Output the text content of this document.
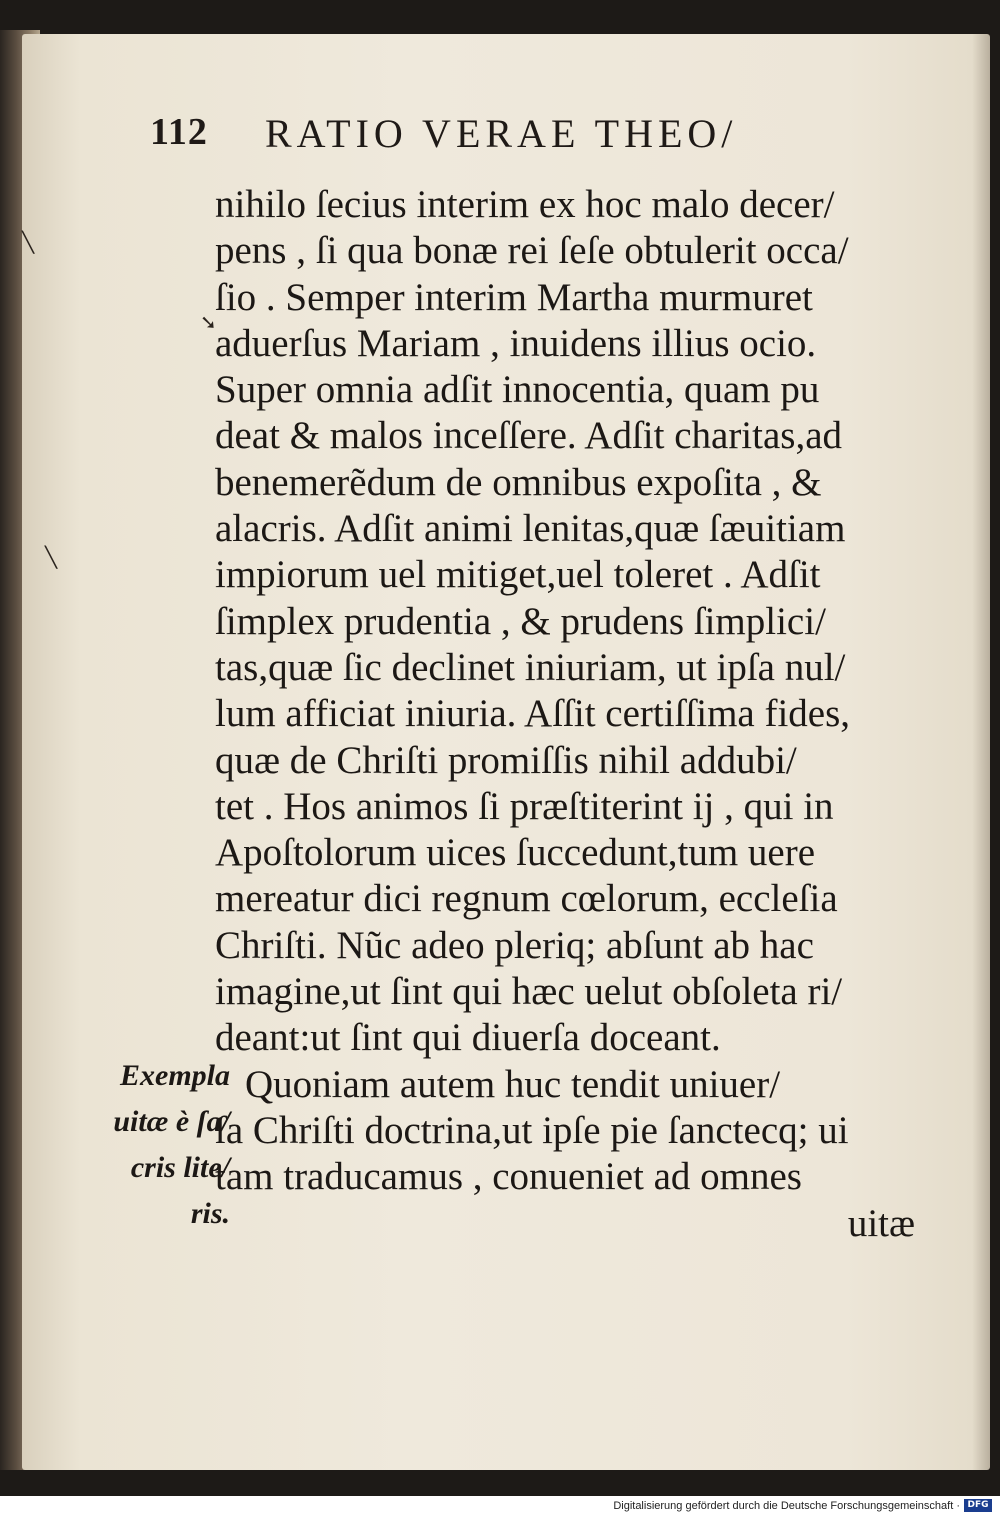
112 RATIO VERAE THEO/
╲
➘
╲
nihilo ſecius interim ex hoc malo decer/
pens , ſi qua bonæ rei ſeſe obtulerit occa/
ſio . Semper interim Martha murmuret
aduerſus Mariam , inuidens illius ocio.
Super omnia adſit innocentia, quam pu
deat & malos inceſſere. Adſit charitas,ad
benemerẽdum de omnibus expoſita , &
alacris. Adſit animi lenitas,quæ ſæuitiam
impiorum uel mitiget,uel toleret . Adſit
ſimplex prudentia , & prudens ſimplici/
tas,quæ ſic declinet iniuriam, ut ipſa nul/
lum afficiat iniuria. Aſſit certiſſima fides,
quæ de Chriſti promiſſis nihil addubi/
tet . Hos animos ſi præſtiterint ij , qui in
Apoſtolorum uices ſuccedunt,tum uere
mereatur dici regnum cœlorum, eccleſia
Chriſti. Nũc adeo pleriq; abſunt ab hac
imagine,ut ſint qui hæc uelut obſoleta ri/
deant:ut ſint qui diuerſa doceant.
Quoniam autem huc tendit uniuer/
ſa Chriſti doctrina,ut ipſe pie ſanctecq; ui
tam traducamus , conueniet ad omnes
uitæ
Exempla
uitæ è ſa/
cris lite/
ris.
Digitalisierung gefördert durch die Deutsche Forschungsgemeinschaft · DFG
